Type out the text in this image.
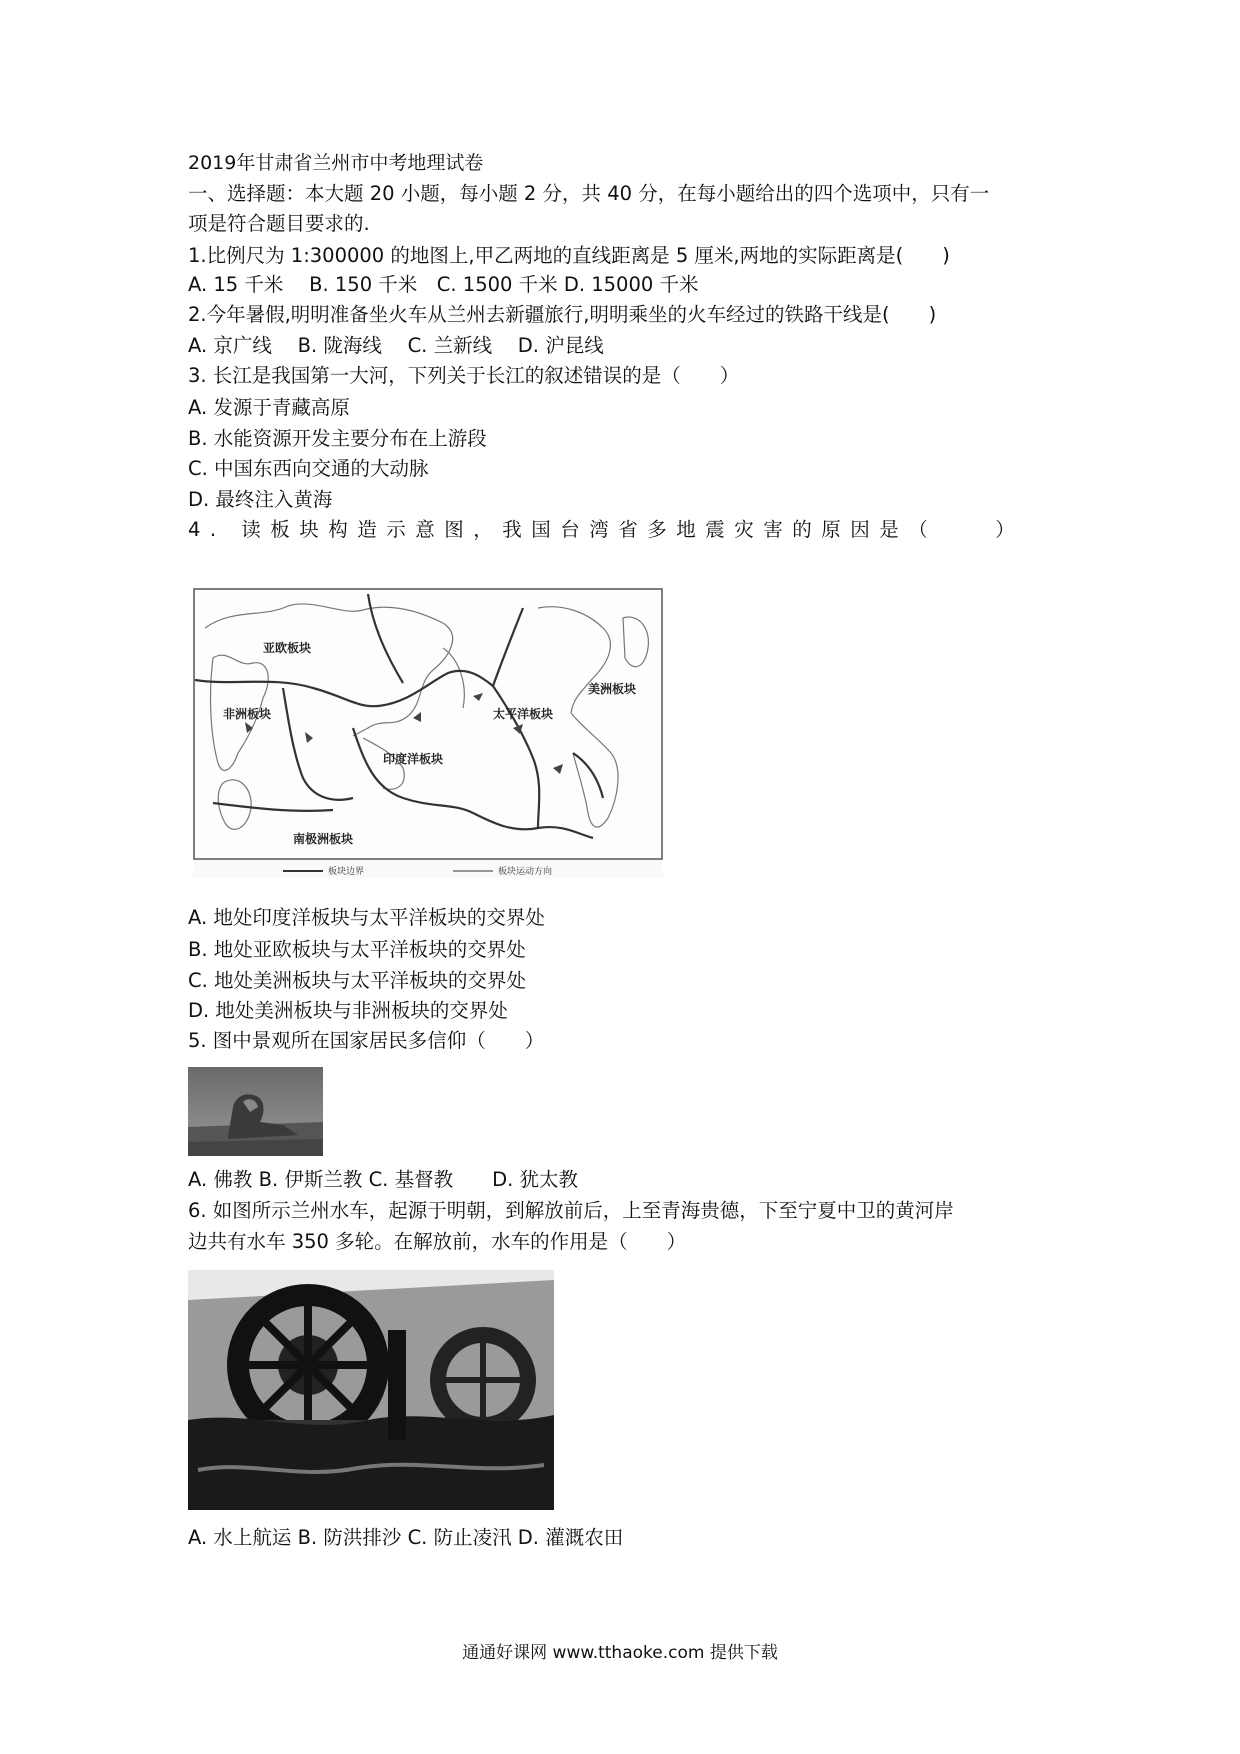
2019年甘肃省兰州市中考地理试卷
一、选择题：本大题 20 小题，每小题 2 分，共 40 分，在每小题给出的四个选项中，只有一
项是符合题目要求的.
1.比例尺为 1:300000 的地图上,甲乙两地的直线距离是 5 厘米,两地的实际距离是(　　)
A. 15 千米　 B. 150 千米　C. 1500 千米 D. 15000 千米
2.今年暑假,明明准备坐火车从兰州去新疆旅行,明明乘坐的火车经过的铁路干线是(　　)
A. 京广线　 B. 陇海线　 C. 兰新线　 D. 沪昆线
3. 长江是我国第一大河，下列关于长江的叙述错误的是（　　）
A. 发源于青藏高原
B. 水能资源开发主要分布在上游段
C. 中国东西向交通的大动脉
D. 最终注入黄海
4. 读板块构造示意图，我国台湾省多地震灾害的原因是（　　）
亚欧板块
太平洋板块
印度洋板块
非洲板块
美洲板块
南极洲板块
板块边界	板块运动方向
A. 地处印度洋板块与太平洋板块的交界处
B. 地处亚欧板块与太平洋板块的交界处
C. 地处美洲板块与太平洋板块的交界处
D. 地处美洲板块与非洲板块的交界处
5. 图中景观所在国家居民多信仰（　　）
A. 佛教 B. 伊斯兰教 C. 基督教　　D. 犹太教
6. 如图所示兰州水车，起源于明朝，到解放前后，上至青海贵德，下至宁夏中卫的黄河岸
边共有水车 350 多轮。在解放前，水车的作用是（　　）
A. 水上航运 B. 防洪排沙 C. 防止凌汛 D. 灌溉农田
通通好课网 www.tthaoke.com 提供下载
